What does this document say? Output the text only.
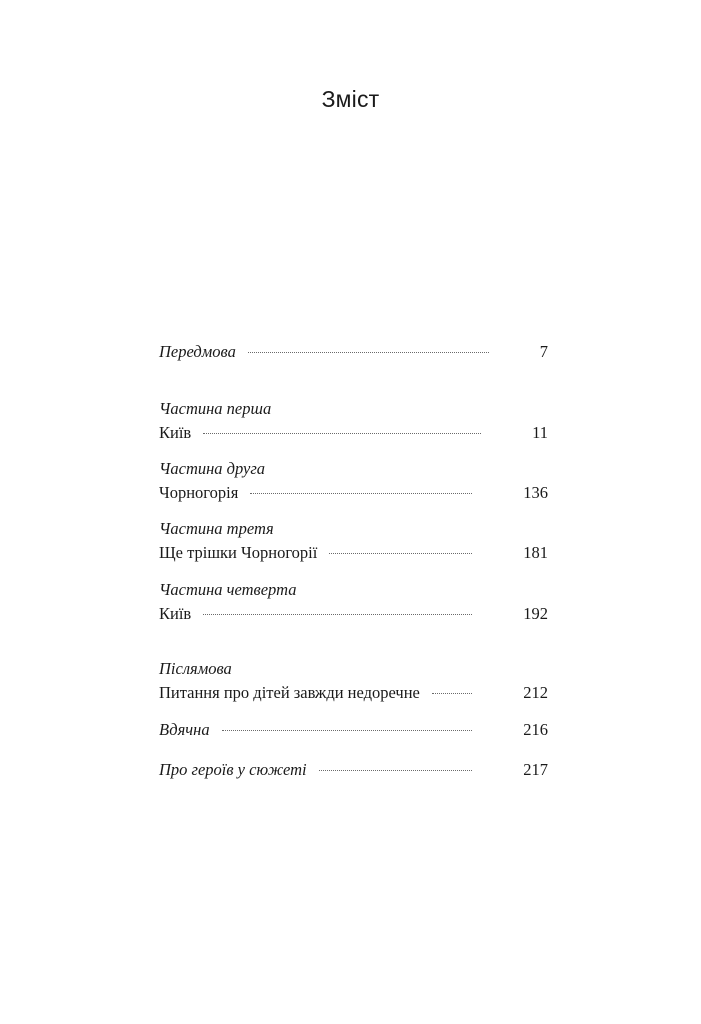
Зміст
Передмова	7
Частина перша
Київ	11
Частина друга
Чорногорія	136
Частина третя
Ще трішки Чорногорії	181
Частина четверта
Київ	192
Післямова
Питання про дітей завжди недоречне	212
Вдячна	216
Про героїв у сюжеті	217
